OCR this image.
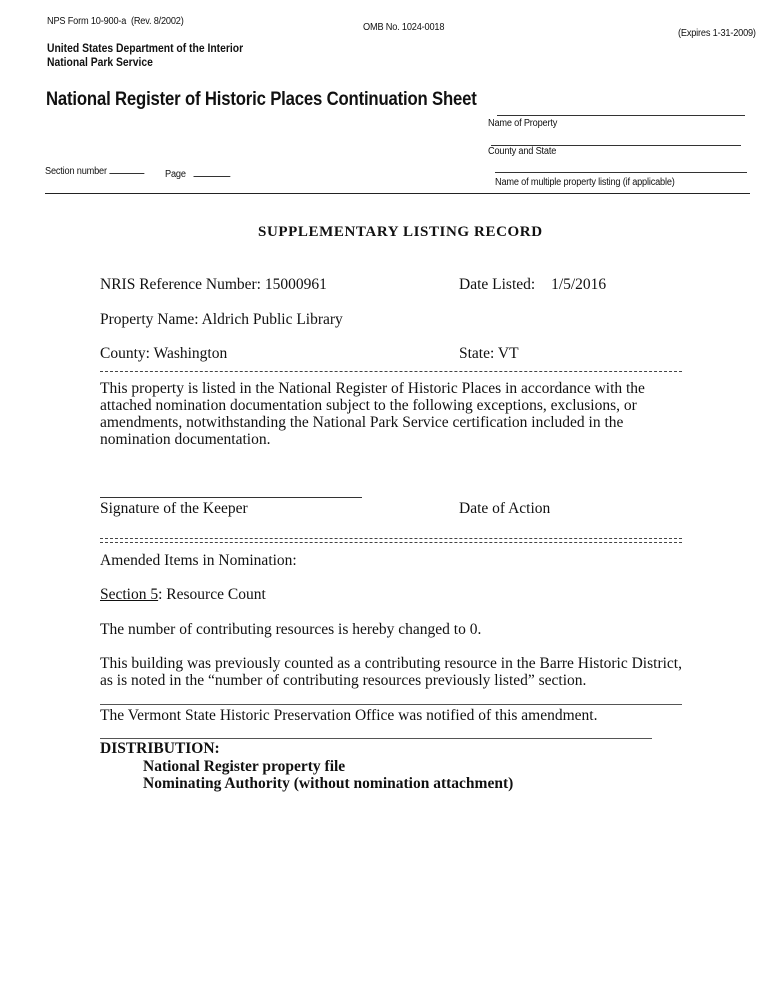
NPS Form 10-900-a (Rev. 8/2002)
OMB No. 1024-0018
(Expires 1-31-2009)
United States Department of the Interior
National Park Service
National Register of Historic Places Continuation Sheet
Name of Property
County and State
Name of multiple property listing (if applicable)
Section number	Page
SUPPLEMENTARY LISTING RECORD
NRIS Reference Number: 15000961	Date Listed: 1/5/2016
Property Name: Aldrich Public Library
County: Washington	State: VT
This property is listed in the National Register of Historic Places in accordance with the attached nomination documentation subject to the following exceptions, exclusions, or amendments, notwithstanding the National Park Service certification included in the nomination documentation.
Signature of the Keeper	Date of Action
Amended Items in Nomination:
Section 5: Resource Count
The number of contributing resources is hereby changed to 0.
This building was previously counted as a contributing resource in the Barre Historic District, as is noted in the “number of contributing resources previously listed” section.
The Vermont State Historic Preservation Office was notified of this amendment.
DISTRIBUTION:
National Register property file
Nominating Authority (without nomination attachment)
